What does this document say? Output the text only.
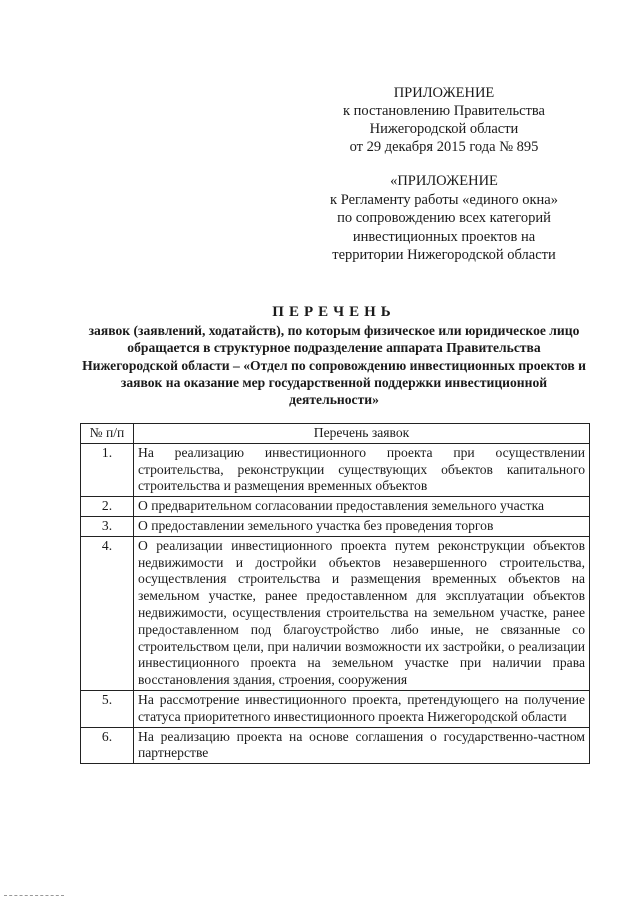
ПРИЛОЖЕНИЕ
к постановлению Правительства
Нижегородской области
от 29 декабря 2015 года № 895
«ПРИЛОЖЕНИЕ
к Регламенту работы «единого окна»
по сопровождению всех категорий
инвестиционных проектов на
территории Нижегородской области
ПЕРЕЧЕНЬ
заявок (заявлений, ходатайств), по которым физическое или юридическое лицо обращается в структурное подразделение аппарата Правительства Нижегородской области – «Отдел по сопровождению инвестиционных проектов и заявок на оказание мер государственной поддержки инвестиционной деятельности»
№ п/п	Перечень заявок
1.	На реализацию инвестиционного проекта при осуществлении строительства, реконструкции существующих объектов капитального строительства и размещения временных объектов
2.	О предварительном согласовании предоставления земельного участка
3.	О предоставлении земельного участка без проведения торгов
4.	О реализации инвестиционного проекта путем реконструкции объектов недвижимости и достройки объектов незавершенного строительства, осуществления строительства и размещения временных объектов на земельном участке, ранее предоставленном для эксплуатации объектов недвижимости, осуществления строительства на земельном участке, ранее предоставленном под благоустройство либо иные, не связанные со строительством цели, при наличии возможности их застройки, о реализации инвестиционного проекта на земельном участке при наличии права восстановления здания, строения, сооружения
5.	На рассмотрение инвестиционного проекта, претендующего на получение статуса приоритетного инвестиционного проекта Нижегородской области
6.	На реализацию проекта на основе соглашения о государственно-частном партнерстве
